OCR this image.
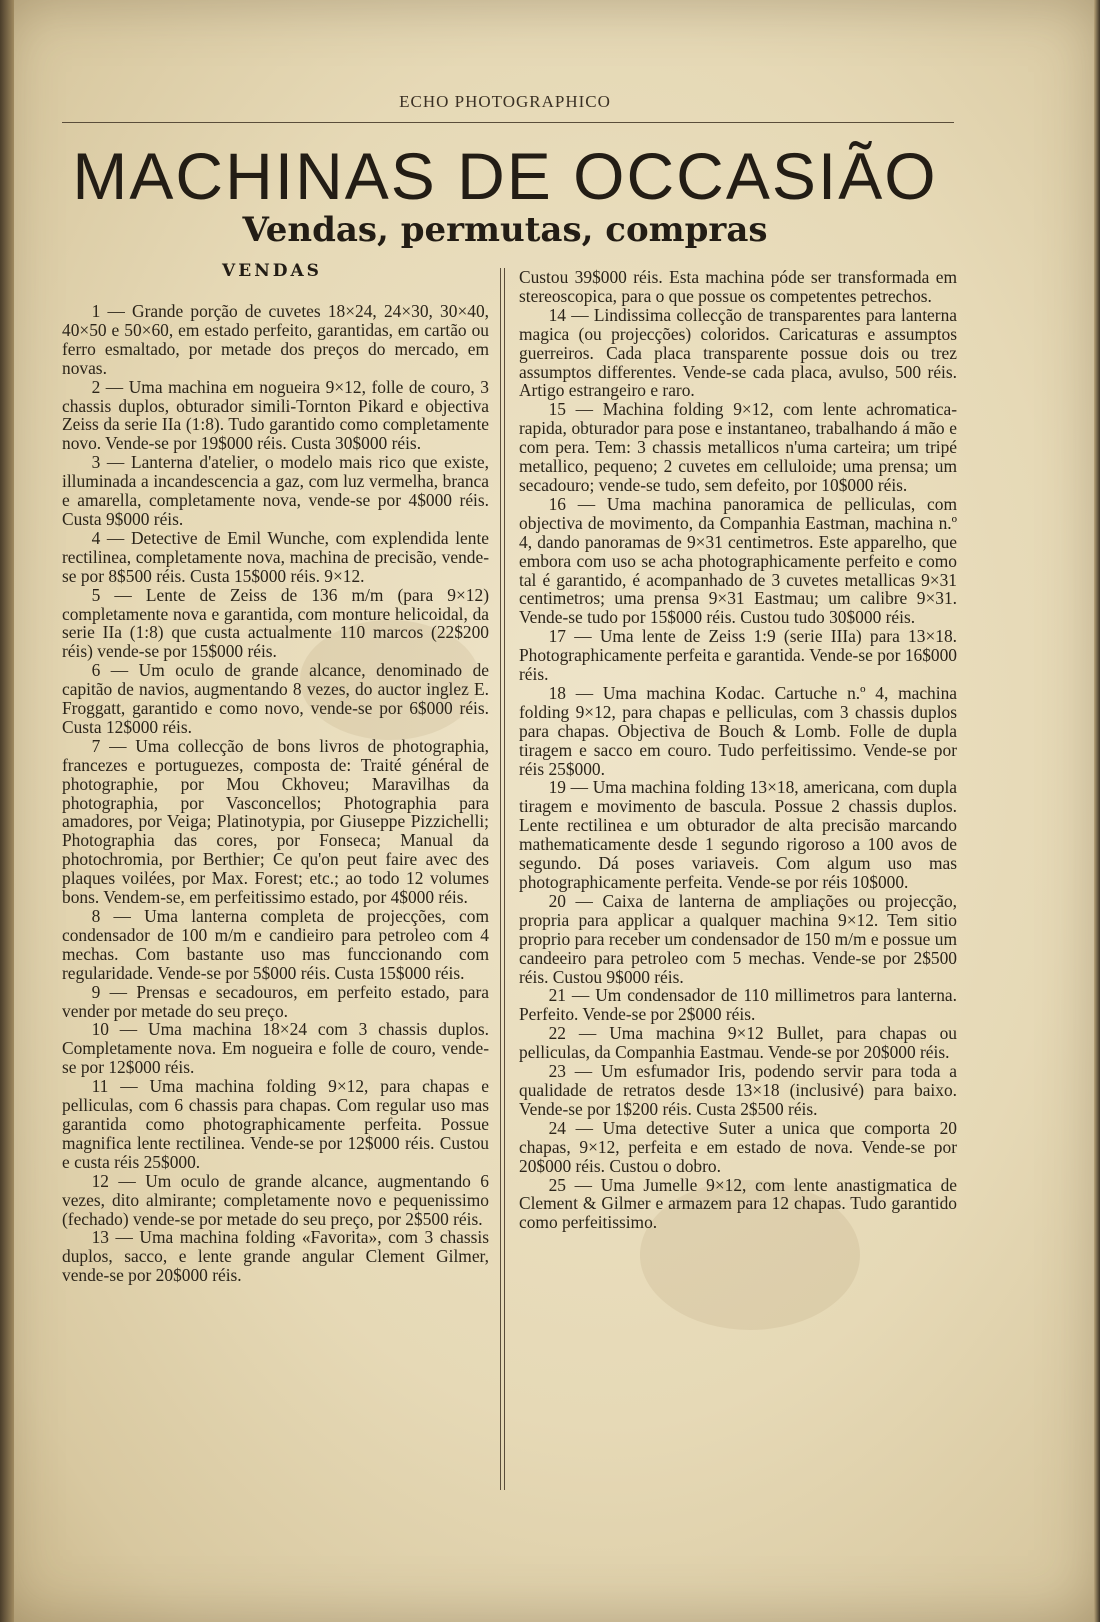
ECHO PHOTOGRAPHICO
MACHINAS DE OCCASIÃO
Vendas, permutas, compras
VENDAS

1 — Grande porção de cuvetes 18×24, 24×30, 30×40, 40×50 e 50×60, em estado perfeito, garantidas, em cartão ou ferro esmaltado, por metade dos preços do mercado, em novas.

2 — Uma machina em nogueira 9×12, folle de couro, 3 chassis duplos, obturador simili-Tornton Pikard e objectiva Zeiss da serie IIa (1:8). Tudo garantido como completamente novo. Vende-se por 19$000 réis. Custa 30$000 réis.

3 — Lanterna d'atelier, o modelo mais rico que existe, illuminada a incandescencia a gaz, com luz vermelha, branca e amarella, completamente nova, vende-se por 4$000 réis. Custa 9$000 réis.

4 — Detective de Emil Wunche, com explendida lente rectilinea, completamente nova, machina de precisão, vende-se por 8$500 réis. Custa 15$000 réis. 9×12.

5 — Lente de Zeiss de 136 m/m (para 9×12) completamente nova e garantida, com monture helicoidal, da serie IIa (1:8) que custa actualmente 110 marcos (22$200 réis) vende-se por 15$000 réis.

6 — Um oculo de grande alcance, denominado de capitão de navios, augmentando 8 vezes, do auctor inglez E. Froggatt, garantido e como novo, vende-se por 6$000 réis. Custa 12$000 réis.

7 — Uma collecção de bons livros de photographia, francezes e portuguezes, composta de: Traité général de photographie, por Mou Ckhoveu; Maravilhas da photographia, por Vasconcellos; Photographia para amadores, por Veiga; Platinotypia, por Giuseppe Pizzichelli; Photographia das cores, por Fonseca; Manual da photochromia, por Berthier; Ce qu'on peut faire avec des plaques voilées, por Max. Forest; etc.; ao todo 12 volumes bons. Vendem-se, em perfeitissimo estado, por 4$000 réis.

8 — Uma lanterna completa de projecções, com condensador de 100 m/m e candieiro para petroleo com 4 mechas. Com bastante uso mas funccionando com regularidade. Vende-se por 5$000 réis. Custa 15$000 réis.

9 — Prensas e secadouros, em perfeito estado, para vender por metade do seu preço.

10 — Uma machina 18×24 com 3 chassis duplos. Completamente nova. Em nogueira e folle de couro, vende-se por 12$000 réis.

11 — Uma machina folding 9×12, para chapas e pelliculas, com 6 chassis para chapas. Com regular uso mas garantida como photographicamente perfeita. Possue magnifica lente rectilinea. Vende-se por 12$000 réis. Custou e custa réis 25$000.

12 — Um oculo de grande alcance, augmentando 6 vezes, dito almirante; completamente novo e pequenissimo (fechado) vende-se por metade do seu preço, por 2$500 réis.

13 — Uma machina folding «Favorita», com 3 chassis duplos, sacco, e lente grande angular Clement Gilmer, vende-se por 20$000 réis.

Custou 39$000 réis. Esta machina póde ser transformada em stereoscopica, para o que possue os competentes petrechos.

14 — Lindissima collecção de transparentes para lanterna magica (ou projecções) coloridos. Caricaturas e assumptos guerreiros. Cada placa transparente possue dois ou trez assumptos differentes. Vende-se cada placa, avulso, 500 réis. Artigo estrangeiro e raro.

15 — Machina folding 9×12, com lente achromatica-rapida, obturador para pose e instantaneo, trabalhando á mão e com pera. Tem: 3 chassis metallicos n'uma carteira; um tripé metallico, pequeno; 2 cuvetes em celluloide; uma prensa; um secadouro; vende-se tudo, sem defeito, por 10$000 réis.

16 — Uma machina panoramica de pelliculas, com objectiva de movimento, da Companhia Eastman, machina n.º 4, dando panoramas de 9×31 centimetros. Este apparelho, que embora com uso se acha photographicamente perfeito e como tal é garantido, é acompanhado de 3 cuvetes metallicas 9×31 centimetros; uma prensa 9×31 Eastmau; um calibre 9×31. Vende-se tudo por 15$000 réis. Custou tudo 30$000 réis.

17 — Uma lente de Zeiss 1:9 (serie IIIa) para 13×18. Photographicamente perfeita e garantida. Vende-se por 16$000 réis.

18 — Uma machina Kodac. Cartuche n.º 4, machina folding 9×12, para chapas e pelliculas, com 3 chassis duplos para chapas. Objectiva de Bouch & Lomb. Folle de dupla tiragem e sacco em couro. Tudo perfeitissimo. Vende-se por réis 25$000.

19 — Uma machina folding 13×18, americana, com dupla tiragem e movimento de bascula. Possue 2 chassis duplos. Lente rectilinea e um obturador de alta precisão marcando mathematicamente desde 1 segundo rigoroso a 100 avos de segundo. Dá poses variaveis. Com algum uso mas photographicamente perfeita. Vende-se por réis 10$000.

20 — Caixa de lanterna de ampliações ou projecção, propria para applicar a qualquer machina 9×12. Tem sitio proprio para receber um condensador de 150 m/m e possue um candeeiro para petroleo com 5 mechas. Vende-se por 2$500 réis. Custou 9$000 réis.

21 — Um condensador de 110 millimetros para lanterna. Perfeito. Vende-se por 2$000 réis.

22 — Uma machina 9×12 Bullet, para chapas ou pelliculas, da Companhia Eastmau. Vende-se por 20$000 réis.

23 — Um esfumador Iris, podendo servir para toda a qualidade de retratos desde 13×18 (inclusivé) para baixo. Vende-se por 1$200 réis. Custa 2$500 réis.

24 — Uma detective Suter a unica que comporta 20 chapas, 9×12, perfeita e em estado de nova. Vende-se por 20$000 réis. Custou o dobro.

25 — Uma Jumelle 9×12, com lente anastigmatica de Clement & Gilmer e armazem para 12 chapas. Tudo garantido como perfeitissimo.
